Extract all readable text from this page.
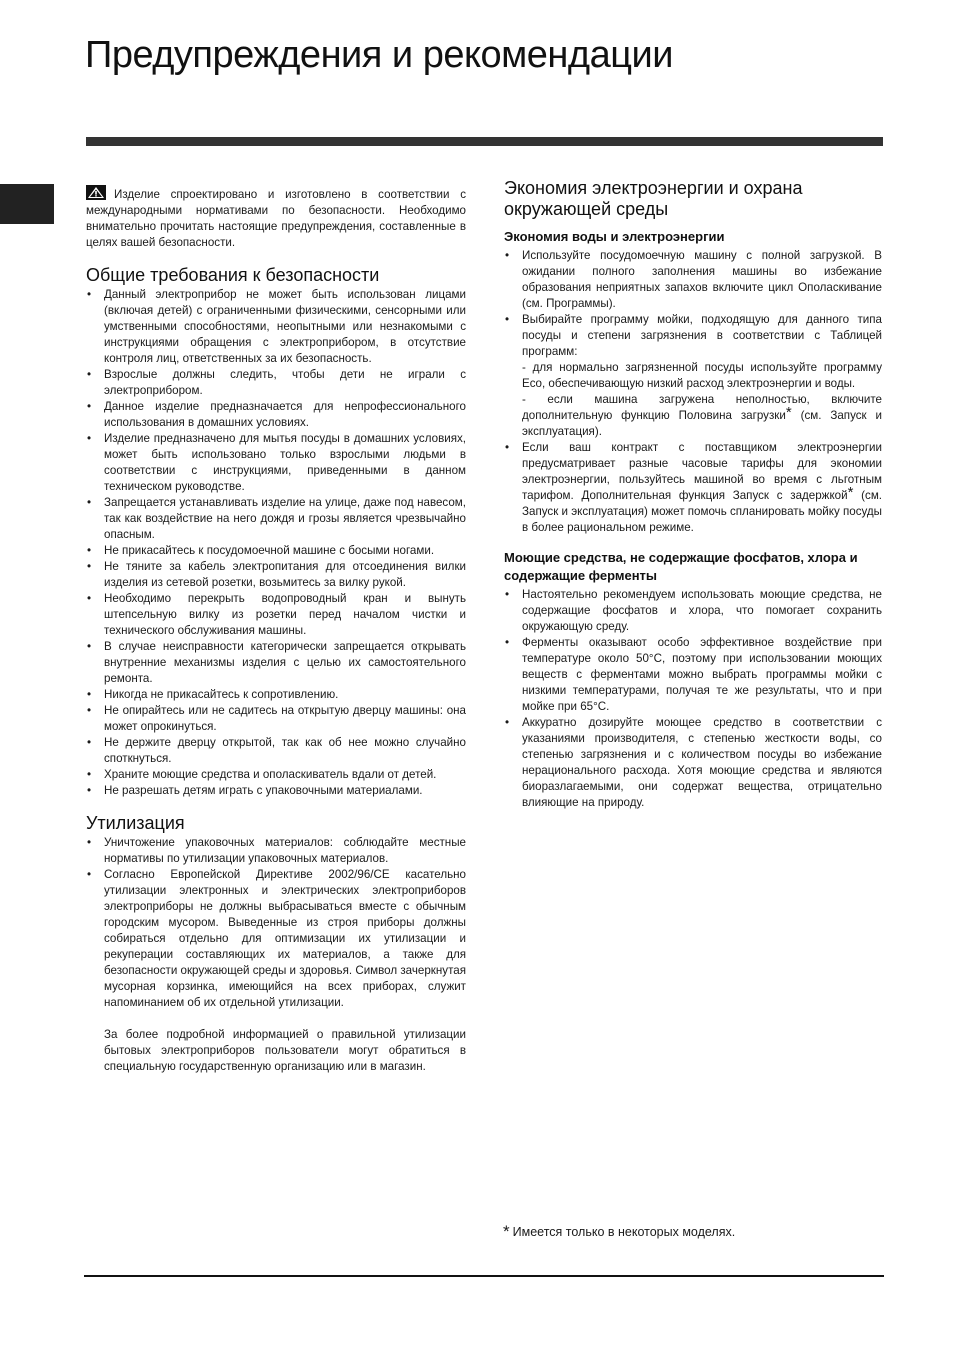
Предупреждения и рекомендации

Изделие спроектировано и изготовлено в соответствии с международными нормативами по безопасности. Необходимо внимательно прочитать настоящие предупреждения, составленные в целях вашей безопасности.

Общие требования к безопасности
• Данный электроприбор не может быть использован лицами (включая детей) с ограниченными физическими, сенсорными или умственными способностями, неопытными или незнакомыми с инструкциями обращения с электроприбором, в отсутствие контроля лиц, ответственных за их безопасность.
• Взрослые должны следить, чтобы дети не играли с электроприбором.
• Данное изделие предназначается для непрофессионального использования в домашних условиях.
• Изделие предназначено для мытья посуды в домашних условиях, может быть использовано только взрослыми людьми в соответствии с инструкциями, приведенными в данном техническом руководстве.
• Запрещается устанавливать изделие на улице, даже под навесом, так как воздействие на него дождя и грозы является чрезвычайно опасным.
• Не прикасайтесь к посудомоечной машине с босыми ногами.
• Не тяните за кабель электропитания для отсоединения вилки изделия из сетевой розетки, возьмитесь за вилку рукой.
• Необходимо перекрыть водопроводный кран и вынуть штепсельную вилку из розетки перед началом чистки и технического обслуживания машины.
• В случае неисправности категорически запрещается открывать внутренние механизмы изделия с целью их самостоятельного ремонта.
• Никогда не прикасайтесь к сопротивлению.
• Не опирайтесь или не садитесь на открытую дверцу машины: она может опрокинуться.
• Не держите дверцу открытой, так как об нее можно случайно споткнуться.
• Храните моющие средства и ополаскиватель вдали от детей.
• Не разрешать детям играть с упаковочными материалами.
Утилизация
• Уничтожение упаковочных материалов: соблюдайте местные нормативы по утилизации упаковочных материалов.
• Согласно Европейской Директиве 2002/96/CE касательно утилизации электронных и электрических электроприборов электроприборы не должны выбрасываться вместе с обычным городским мусором. Выведенные из строя приборы должны собираться отдельно для оптимизации их утилизации и рекуперации составляющих их материалов, а также для безопасности окружающей среды и здоровья. Символ зачеркнутая мусорная корзинка, имеющийся на всех приборах, служит напоминанием об их отдельной утилизации.
За более подробной информацией о правильной утилизации бытовых электроприборов пользователи могут обратиться в специальную государственную организацию или в магазин.
Экономия электроэнергии и охрана окружающей среды
Экономия воды и электроэнергии
• Используйте посудомоечную машину с полной загрузкой. В ожидании полного заполнения машины во избежание образования неприятных запахов включите цикл Ополаскивание (см. Программы).
• Выбирайте программу мойки, подходящую для данного типа посуды и степени загрязнения в соответствии с Таблицей программ:
- для нормально загрязненной посуды используйте программу Eco, обеспечивающую низкий расход электроэнергии и воды.
- если машина загружена неполностью, включите дополнительную функцию Половина загрузки* (см. Запуск и эксплуатация).
• Если ваш контракт с поставщиком электроэнергии предусматривает разные часовые тарифы для экономии электроэнергии, пользуйтесь машиной во время с льготным тарифом. Дополнительная функция Запуск с задержкой* (см. Запуск и эксплуатация) может помочь спланировать мойку посуды в более рациональном режиме.
Моющие средства, не содержащие фосфатов, хлора и содержащие ферменты
• Настоятельно рекомендуем использовать моющие средства, не содержащие фосфатов и хлора, что помогает сохранить окружающую среду.
• Ферменты оказывают особо эффективное воздействие при температуре около 50°C, поэтому при использовании моющих веществ с ферментами можно выбрать программы мойки с низкими температурами, получая те же результаты, что и при мойке при 65°C.
• Аккуратно дозируйте моющее средство в соответствии с указаниями производителя, с степенью жесткости воды, со степенью загрязнения и с количеством посуды во избежание нерационального расхода. Хотя моющие средства и являются биоразлагаемыми, они содержат вещества, отрицательно влияющие на природу.
* Имеется только в некоторых моделях.
